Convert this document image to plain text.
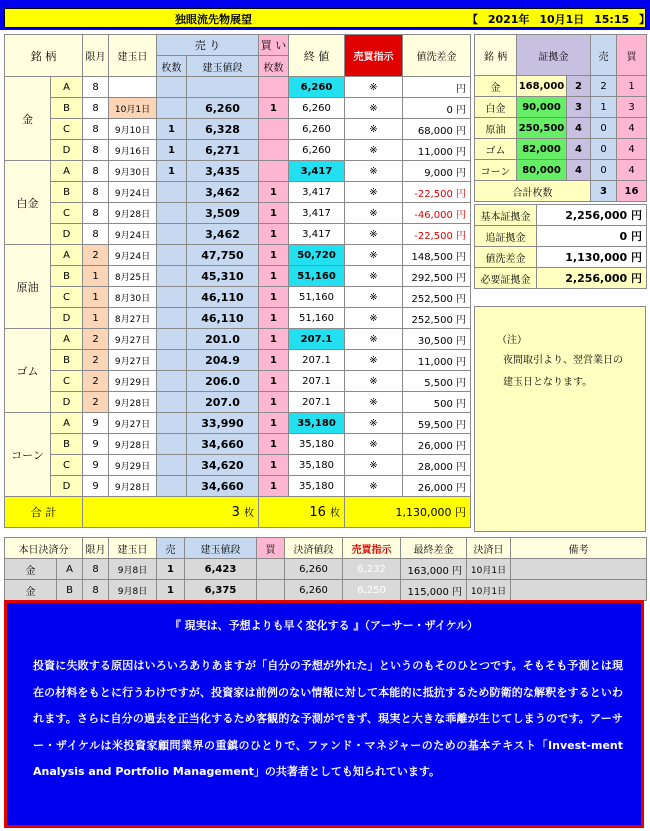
独眼流先物展望	【 2021年 10月1日 15:15 】
銘 柄		限月	建玉日	売 り		買 い	終 値	売買指示	値洗差金
				枚数	建玉値段	枚数			
金	A	8					6,260	※	円
	B	8	10月1日		6,260	1	6,260	※	0 円
	C	8	9月10日	1	6,328		6,260	※	68,000 円
	D	8	9月16日	1	6,271		6,260	※	11,000 円
白金	A	8	9月30日	1	3,435		3,417	※	9,000 円
	B	8	9月24日		3,462	1	3,417	※	-22,500 円
	C	8	9月28日		3,509	1	3,417	※	-46,000 円
	D	8	9月24日		3,462	1	3,417	※	-22,500 円
原油	A	2	9月24日		47,750	1	50,720	※	148,500 円
	B	1	8月25日		45,310	1	51,160	※	292,500 円
	C	1	8月30日		46,110	1	51,160	※	252,500 円
	D	1	8月27日		46,110	1	51,160	※	252,500 円
ゴム	A	2	9月27日		201.0	1	207.1	※	30,500 円
	B	2	9月27日		204.9	1	207.1	※	11,000 円
	C	2	9月29日		206.0	1	207.1	※	5,500 円
	D	2	9月28日		207.0	1	207.1	※	500 円
コーン	A	9	9月27日		33,990	1	35,180	※	59,500 円
	B	9	9月28日		34,660	1	35,180	※	26,000 円
	C	9	9月29日		34,620	1	35,180	※	28,000 円
	D	9	9月28日		34,660	1	35,180	※	26,000 円
合 計		3 枚				16 枚		1,130,000 円	
銘 柄	証拠金		売	買
金	168,000	2	2	1
白金	90,000	3	1	3
原油	250,500	4	0	4
ゴム	82,000	4	0	4
コーン	80,000	4	0	4
合計枚数			3	16
基本証拠金	2,256,000 円
追証拠金	0 円
値洗差金	1,130,000 円
必要証拠金	2,256,000 円
MEMO
（注）
夜間取引より、翌営業日の
建玉日となります。
本日決済分		限月	建玉日	売	建玉値段	買	決済値段	売買指示	最終差金	決済日	備考
金	A	8	9月8日	1	6,423		6,260	6,232	163,000 円	10月1日	
金	B	8	9月8日	1	6,375		6,260	6,250	115,000 円	10月1日	
『 現実は、予想よりも早く変化する 』（アーサー・ザイケル）
投資に失敗する原因はいろいろありあますが「自分の予想が外れた」というのもそのひとつです。そもそも予測とは現在の材料をもとに行うわけですが、投資家は前例のない情報に対して本能的に抵抗するため防衛的な解釈をするといわれます。さらに自分の過去を正当化するため客観的な予測ができず、現実と大きな乖離が生じてしまうのです。アーサー・ザイケルは米投資家顧問業界の重鎮のひとりで、ファンド・マネジャーのための基本テキスト「Invest-ment Analysis and Portfolio Management」の共著者としても知られています。
